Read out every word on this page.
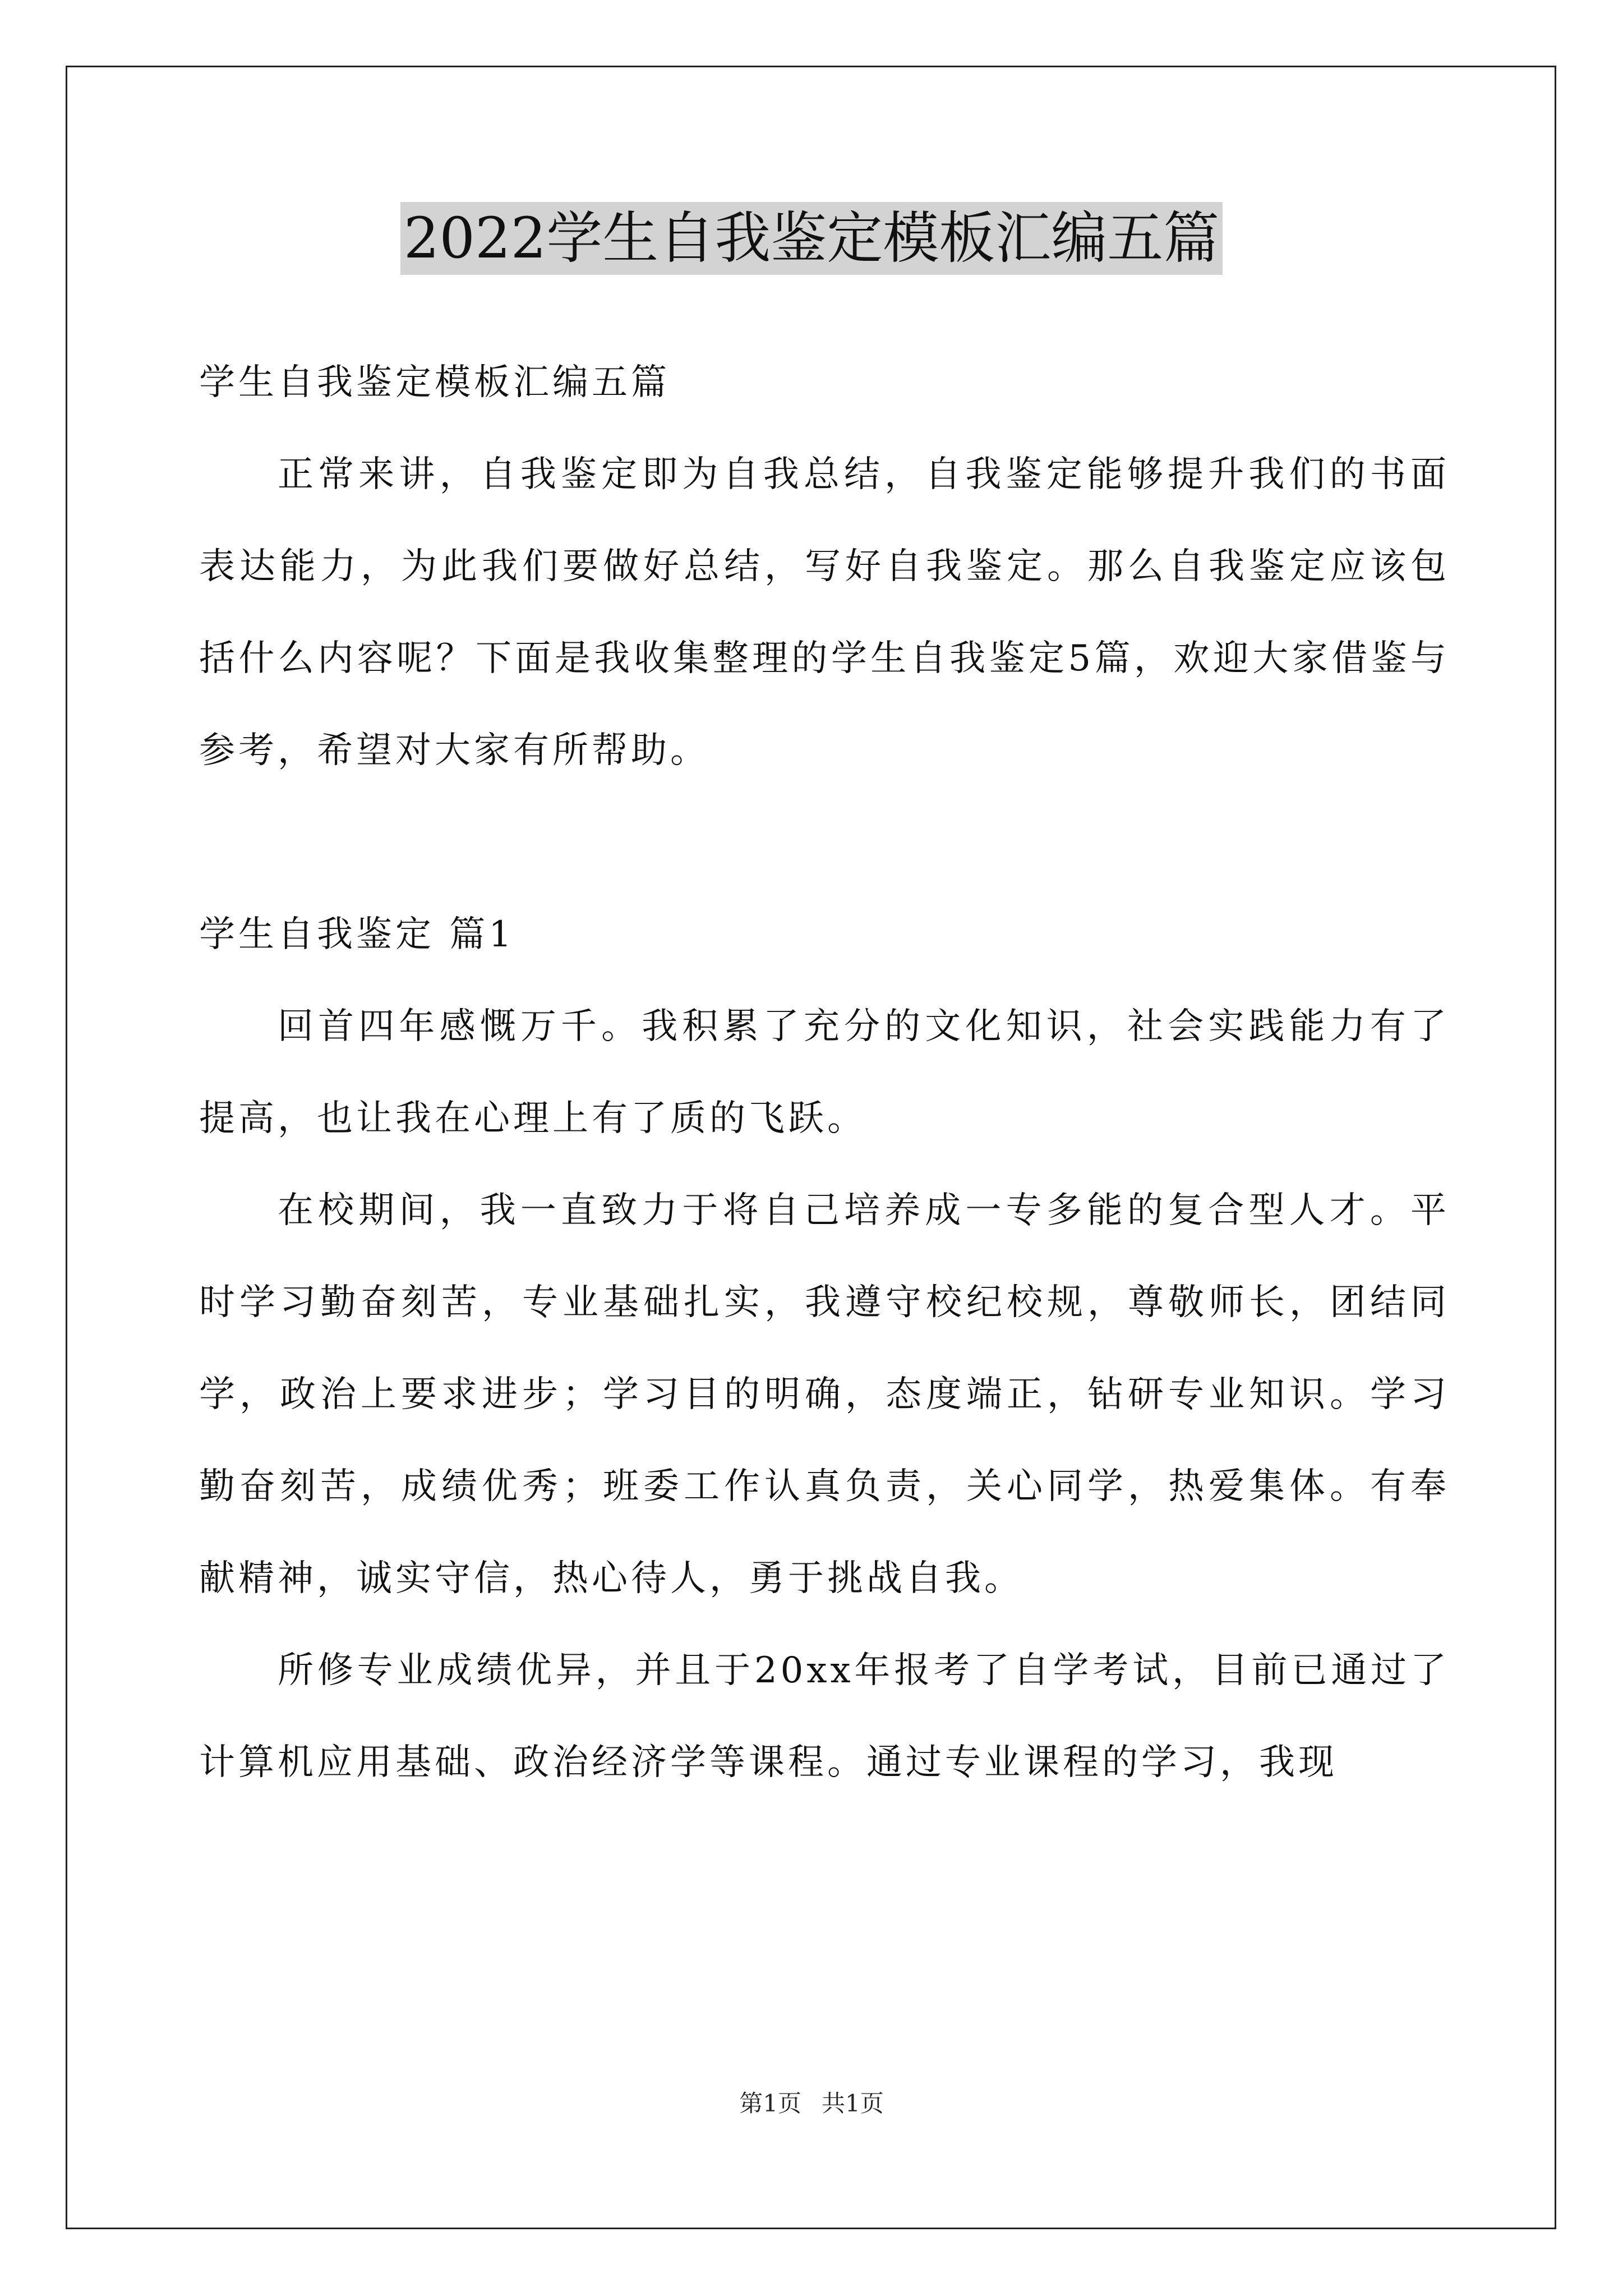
2022学生自我鉴定模板汇编五篇

学生自我鉴定模板汇编五篇

正常来讲，自我鉴定即为自我总结，自我鉴定能够提升我们的书面表达能力，为此我们要做好总结，写好自我鉴定。那么自我鉴定应该包括什么内容呢？下面是我收集整理的学生自我鉴定5篇，欢迎大家借鉴与参考，希望对大家有所帮助。

学生自我鉴定 篇1

回首四年感慨万千。我积累了充分的文化知识，社会实践能力有了提高，也让我在心理上有了质的飞跃。

在校期间，我一直致力于将自己培养成一专多能的复合型人才。平时学习勤奋刻苦，专业基础扎实，我遵守校纪校规，尊敬师长，团结同学，政治上要求进步；学习目的明确，态度端正，钻研专业知识。学习勤奋刻苦，成绩优秀；班委工作认真负责，关心同学，热爱集体。有奉献精神，诚实守信，热心待人，勇于挑战自我。

所修专业成绩优异，并且于20xx年报考了自学考试，目前已通过了计算机应用基础、政治经济学等课程。通过专业课程的学习，我现

第1页 共1页
